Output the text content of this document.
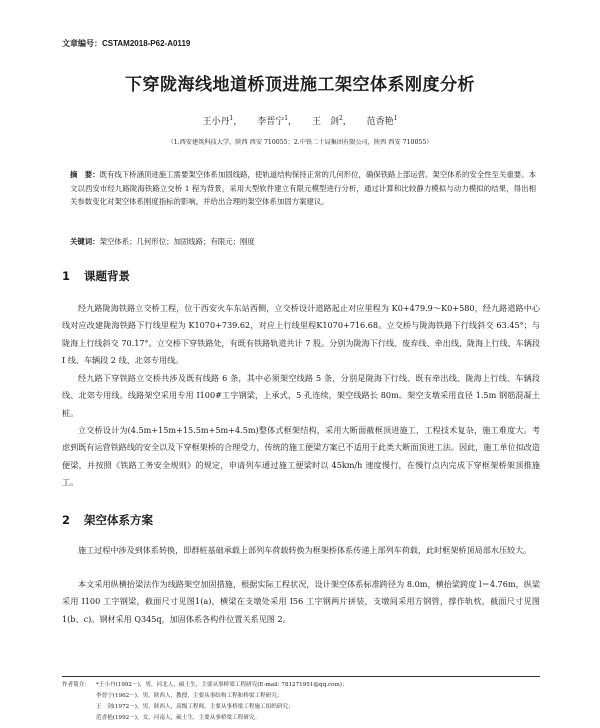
文章编号：CSTAM2018-P62-A0119
下穿陇海线地道桥顶进施工架空体系刚度分析
王小丹$^1$， 李晋宁$^1$， 王　剑$^2$， 范香艳$^1$
（1.西安建筑科技大学，陕西 西安 710055；2.中铁二十局集团有限公司，陕西 西安 710055）
摘　要：既有线下桥涵顶进施工需要架空体系加固线路，使轨道结构保持正常的几何形位，确保铁路上部运营。架空体系的安全性至关重要。本文以西安市经九路陇海铁路立交桥 1 程为背景，采用大型软件建立有限元模型进行分析，通过计算和比较静力模拟与动力模拟的结果，得出相关参数变化对架空体系刚度指标的影响，并给出合理的架空体系加固方案建议。
关键词：架空体系；几何形位；加固线路；有限元；刚度
1 课题背景
经九路陇海铁路立交桥工程，位于西安火车东站西侧，立交桥设计道路起止对应里程为 K0+479.9～K0+580，经九路道路中心线对应改建陇海铁路下行线里程为 K1070+739.62，对应上行线里程K1070+716.68。立交桥与陇海铁路下行线斜交 63.45°；与陇海上行线斜交 70.17°。立交桥下穿铁路处，有既有铁路轨道共计 7 股。分别为陇海下行线、废弃线、牵出线、陇海上行线、车辆段 I 线、车辆段 2 线、北郊专用线。
经九路下穿铁路立交桥共涉及既有线路 6 条，其中必须架空线路 5 条，分别是陇海下行线、既有牵出线、陇海上行线、车辆段线、北郊专用线。线路架空采用专用 I100#工字钢梁，上承式，5 孔连续，架空线路长 80m。架空支墩采用直径 1.5m 钢筋混凝土桩。
立交桥设计为(4.5m+15m+15.5m+5m+4.5m)整体式框架结构，采用大断面截框顶进施工，工程技术复杂，施工难度大。考虑到既有运营铁路线的安全以及下穿框架桥的合理受力，传统的施工便梁方案已不适用于此类大断面顶进工法。因此，施工单位拟改造便梁，并按照《铁路工务安全规则》的规定，申请列车通过施工便梁时以 45km/h 速度慢行，在慢行点内完成下穿框架桥架顶推施工。
2 架空体系方案
施工过程中涉及到体系转换，即群桩基础承载上部列车荷载转换为框架桥体系传递上部列车荷载，此时框架桥顶局部水压较大。
本文采用纵横抬梁法作为线路架空加固措施，根据实际工程状况，设计架空体系标准跨径为 8.0m，横抬梁跨度 l＝4.76m，纵梁采用 I100 工字钢梁，截面尺寸见图1(a)，横梁在支墩处采用 I56 工字钢两片拼装，支墩间采用方钢管，撑作轨枕，截面尺寸见图 1(b、c)。钢材采用 Q345q，加固体系各构件位置关系见图 2。
作者简介： *王小丹(1992－)，男，河北人，硕士生，主要从事桥梁工程研究(E-mail: 781271951@qq.com)；
李晋宁(1962－)，男，陕西人，教授，主要从事结构工程和桥梁工程研究；
王　剑(1972－)，男，陕西人，高级工程师，主要从事桥梁工程施工组织研究；
范香艳(1992－)，女，河南人，硕士生，主要从事桥梁工程研究。
